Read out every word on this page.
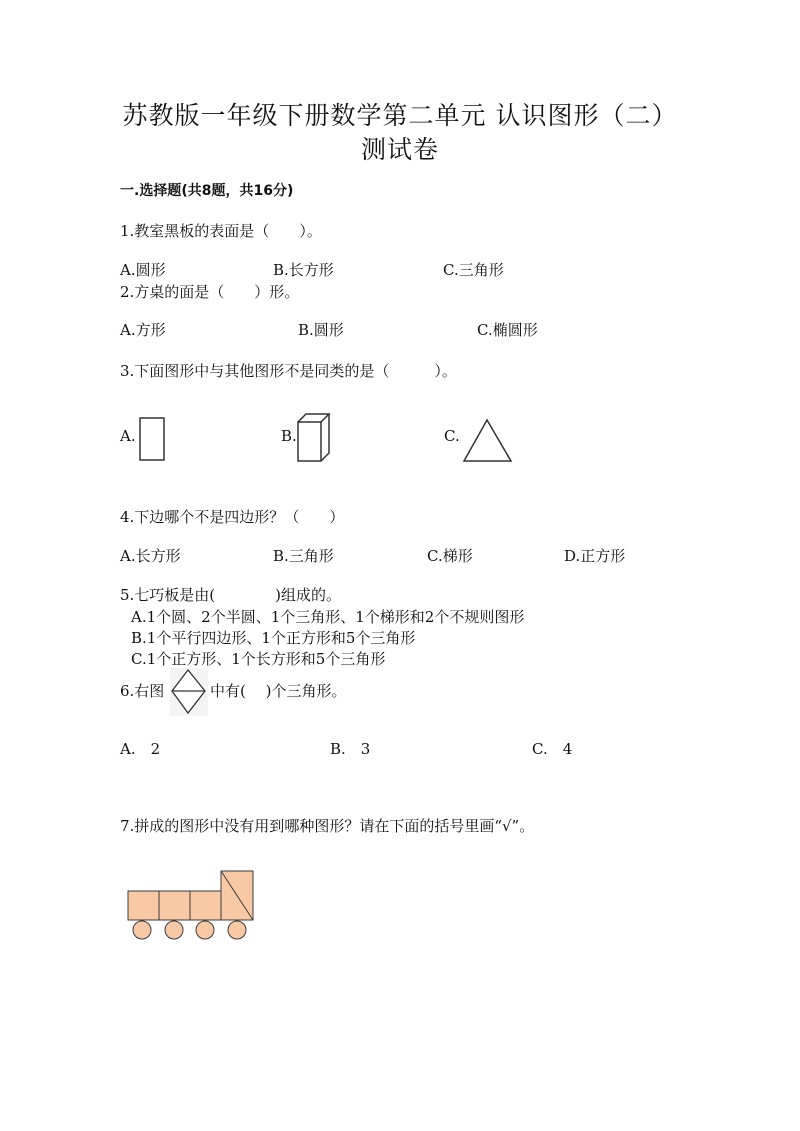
苏教版一年级下册数学第二单元 认识图形（二）
测试卷
一.选择题(共8题，共16分)
1.教室黑板的表面是（　　）。
A.圆形	B.长方形	C.三角形
2.方桌的面是（　　）形。
A.方形	B.圆形	C.椭圆形
3.下面图形中与其他图形不是同类的是（　　　）。
A.	B.	C.
4.下边哪个不是四边形？（　　）
A.长方形	B.三角形	C.梯形	D.正方形
5.七巧板是由(　　　　)组成的。
A.1个圆、2个半圆、1个三角形、1个梯形和2个不规则图形
B.1个平行四边形、1个正方形和5个三角形
C.1个正方形、1个长方形和5个三角形
6.右图	中有(　 )个三角形。
A.　2	B.　3	C.　4
7.拼成的图形中没有用到哪种图形？请在下面的括号里画“√”。
